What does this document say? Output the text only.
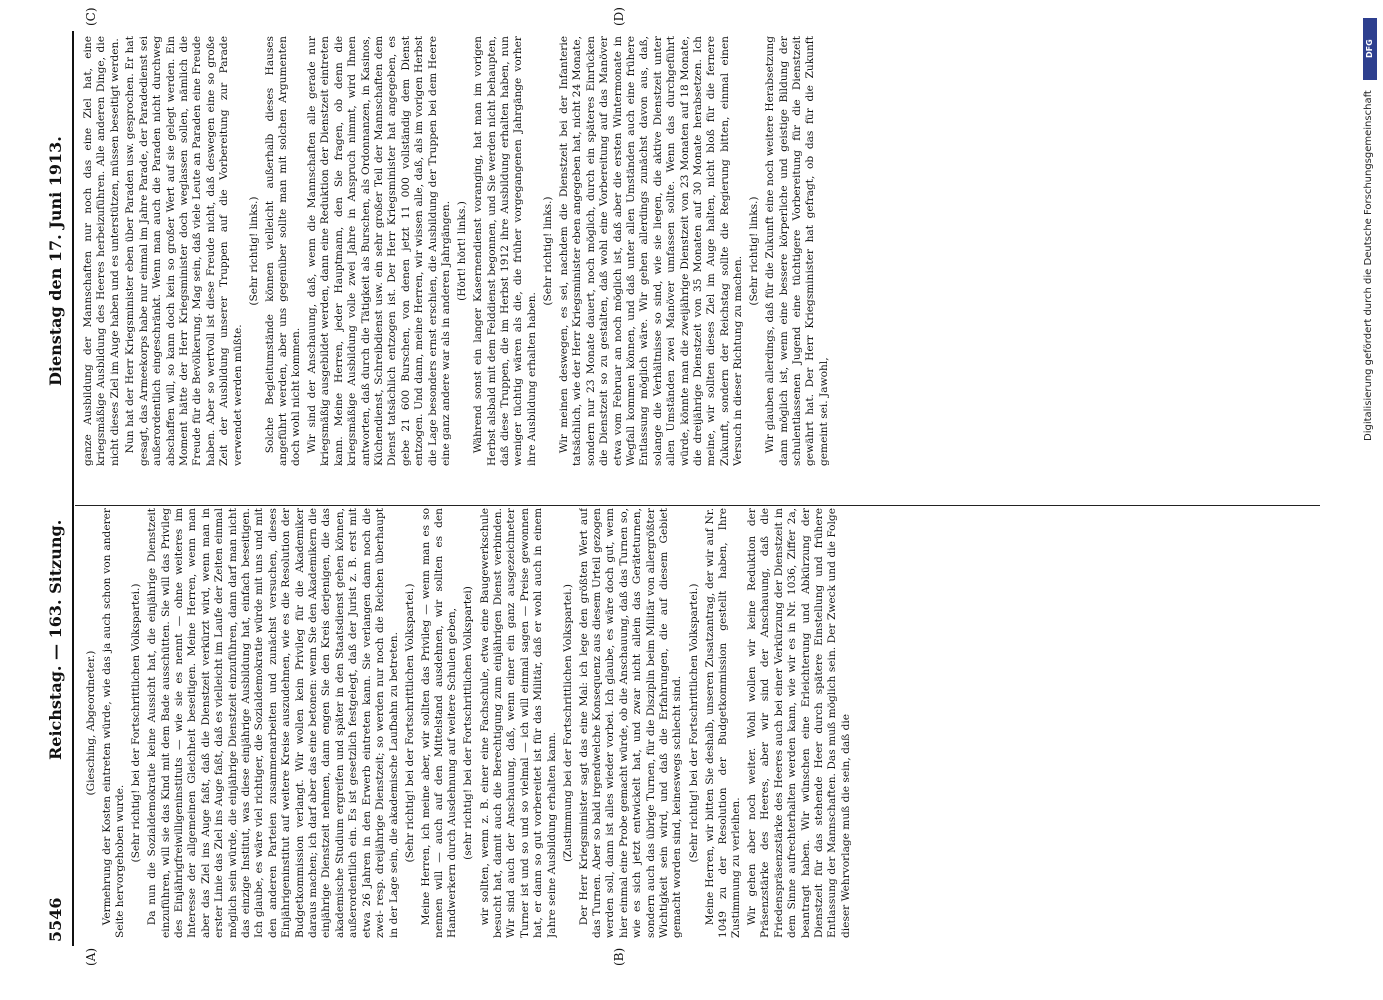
5546
Reichstag. — 163. Sitzung.
Dienstag den 17. Juni 1913.
(A)	(B)
(C)	(D)

(Giesching, Abgeordneter.) Vermehrung der Kosten eintreten würde, wie das ja auch schon von anderer Seite hervorgehoben wurde. (Sehr richtig! bei der Fortschrittlichen Volkspartei.) Da nun die Sozialdemokratie keine Aussicht hat, die einjährige Dienstzeit einzuführen, will sie das Kind mit dem Bade ausschütten. Sie will das Privileg des Einjährigfreiwilligeninstituts — wie sie es nennt — ohne weiteres im Interesse der allgemeinen Gleichheit beseitigen. Meine Herren, wenn man aber das Ziel ins Auge faßt, daß die Dienstzeit verkürzt wird, wenn man in erster Linie das Ziel ins Auge faßt, daß es vielleicht im Laufe der Zeiten einmal möglich sein würde, die einjährige Dienstzeit einzuführen, dann darf man nicht das einzige Institut, was diese einjährige Ausbildung hat, einfach beseitigen. Ich glaube, es wäre viel richtiger, die Sozialdemokratie würde mit uns und mit den anderen Parteien zusammenarbeiten und zunächst versuchen, dieses Einjährigeninstitut auf weitere Kreise auszudehnen, wie es die Resolution der Budgetkommission verlangt. Wir wollen kein Privileg für die Akademiker daraus machen; ich darf aber das eine betonen: wenn Sie den Akademikern die einjährige Dienstzeit nehmen, dann engen Sie den Kreis derjenigen, die das akademische Studium ergreifen und später in den Staatsdienst gehen können, außerordentlich ein. Es ist gesetzlich festgelegt, daß der Jurist z. B. erst mit etwa 26 Jahren in den Erwerb eintreten kann. Sie verlangen dann noch die zwei- resp. dreijährige Dienstzeit; so werden nur noch die Reichen überhaupt in der Lage sein, die akademische Laufbahn zu betreten. (Sehr richtig! bei der Fortschrittlichen Volkspartei.) Meine Herren, ich meine aber, wir sollten das Privileg — wenn man es so nennen will — auch auf den Mittelstand ausdehnen, wir sollten es den Handwerkern durch Ausdehnung auf weitere Schulen geben, (sehr richtig! bei der Fortschrittlichen Volkspartei) wir sollten, wenn z. B. einer eine Fachschule, etwa eine Baugewerkschule besucht hat, damit auch die Berechtigung zum einjährigen Dienst verbinden. Wir sind auch der Anschauung, daß, wenn einer ein ganz ausgezeichneter Turner ist und so und so vielmal — ich will einmal sagen — Preise gewonnen hat, er dann so gut vorbereitet ist für das Militär, daß er wohl auch in einem Jahre seine Ausbildung erhalten kann. (Zustimmung bei der Fortschrittlichen Volkspartei.) Der Herr Kriegsminister sagt das eine Mal: ich lege den größten Wert auf das Turnen. Aber so bald irgendwelche Konsequenz aus diesem Urteil gezogen werden soll, dann ist alles wieder vorbei. Ich glaube, es wäre doch gut, wenn hier einmal eine Probe gemacht würde, ob die Anschauung, daß das Turnen so, wie es sich jetzt entwickelt hat, und zwar nicht allein das Geräteturnen, sondern auch das übrige Turnen, für die Disziplin beim Militär von allergrößter Wichtigkeit sein wird, und daß die Erfahrungen, die auf diesem Gebiet gemacht worden sind, keineswegs schlecht sind. (Sehr richtig! bei der Fortschrittlichen Volkspartei.) Meine Herren, wir bitten Sie deshalb, unseren Zusatzantrag, der wir auf Nr. 1049 zu der Resolution der Budgetkommission gestellt haben, Ihre Zustimmung zu verleihen. Wir gehen aber noch weiter. Wohl wollen wir keine Reduktion der Präsenzstärke des Heeres, aber wir sind der Anschauung, daß die Friedenspräsenzstärke des Heeres auch bei einer Verkürzung der Dienstzeit in dem Sinne aufrechterhalten werden kann, wie wir es in Nr. 1036, Ziffer 2a, beantragt haben. Wir wünschen eine Erleichterung und Abkürzung der Dienstzeit für das stehende Heer durch spätere Einstellung und frühere Entlassung der Mannschaften. Das muß möglich sein. Der Zweck und die Folge dieser Wehrvorlage muß die sein, daß die

ganze Ausbildung der Mannschaften nur noch das eine Ziel hat, eine kriegsmäßige Ausbildung des Heeres herbeizuführen. Alle anderen Dinge, die nicht dieses Ziel im Auge haben und es unterstützen, müssen beseitigt werden. Nun hat der Herr Kriegsminister eben über Paraden usw. gesprochen. Er hat gesagt, das Armeekorps habe nur einmal im Jahre Parade, der Paradedienst sei außerordentlich eingeschränkt. Wenn man auch die Paraden nicht durchweg abschaffen will, so kann doch kein so großer Wert auf sie gelegt werden. Ein Moment hätte der Herr Kriegsminister doch weglassen sollen, nämlich die Freude für die Bevölkerung. Mag sein, daß viele Leute an Paraden eine Freude haben. Aber so wertvoll ist diese Freude nicht, daß deswegen eine so große Zeit der Ausbildung unserer Truppen auf die Vorbereitung zur Parade verwendet werden müßte.

(Sehr richtig! links.) Solche Begleitumstände können vielleicht außerhalb dieses Hauses angeführt werden, aber uns gegenüber sollte man mit solchen Argumenten doch wohl nicht kommen. Wir sind der Anschauung, daß, wenn die Mannschaften alle gerade nur kriegsmäßig ausgebildet werden, dann eine Reduktion der Dienstzeit eintreten kann. Meine Herren, jeder Hauptmann, den Sie fragen, ob denn die kriegsmäßige Ausbildung volle zwei Jahre in Anspruch nimmt, wird Ihnen antworten, daß durch die Tätigkeit als Burschen, als Ordonnanzen, in Kasinos, Küchendienst, Schreibdienst usw. ein sehr großer Teil der Mannschaften dem Dienst tatsächlich entzogen ist. Der Herr Kriegsminister hat angegeben, es gebe 21 600 Burschen, von denen jetzt 11 000 vollständig dem Dienst entzogen. Und dann, meine Herren, wir wissen alle, daß, als im vorigen Herbst die Lage besonders ernst erschien, die Ausbildung der Truppen bei dem Heere eine ganz andere war als in anderen Jahrgängen. (Hört! hört! links.) Während sonst ein langer Kasernendienst voranging, hat man im vorigen Herbst alsbald mit dem Felddienst begonnen, und Sie werden nicht behaupten, daß diese Truppen, die im Herbst 1912 ihre Ausbildung erhalten haben, nun weniger tüchtig wären als die, die früher vorgegangenen Jahrgänge vorher ihre Ausbildung erhalten haben.

(Sehr richtig! links.) Wir meinen deswegen, es sei, nachdem die Dienstzeit bei der Infanterie tatsächlich, wie der Herr Kriegsminister eben angegeben hat, nicht 24 Monate, sondern nur 23 Monate dauert, noch möglich, durch ein späteres Einrücken die Dienstzeit so zu gestalten, daß wohl eine Vorbereitung auf das Manöver etwa vom Februar an noch möglich ist, daß aber die ersten Wintermonate in Wegfall kommen können, und daß unter allen Umständen auch eine frühere Entlassung möglich wäre. Wir gehen allerdings zunächst davon aus, daß, solange die Verhältnisse so sind, wie sie liegen, die aktive Dienstzeit unter allen Umständen zwei Manöver umfassen sollte. Wenn das durchgeführt würde, könnte man die zweijährige Dienstzeit von 23 Monaten auf 18 Monate, die dreijährige Dienstzeit von 35 Monaten auf 30 Monate herabsetzen. Ich meine, wir sollten dieses Ziel im Auge halten, nicht bloß für die fernere Zukunft, sondern der Reichstag sollte die Regierung bitten, einmal einen Versuch in dieser Richtung zu machen.

(Sehr richtig! links.) Wir glauben allerdings, daß für die Zukunft eine noch weitere Herabsetzung dann möglich ist, wenn eine bessere körperliche und geistige Bildung der schulentlassenen Jugend eine tüchtigere Vorbereitung für die Dienstzeit gewährt hat. Der Herr Kriegsminister hat gefragt, ob das für die Zukunft gemeint sei. Jawohl,

DFG
Digitalisierung gefördert durch die Deutsche Forschungsgemeinschaft
